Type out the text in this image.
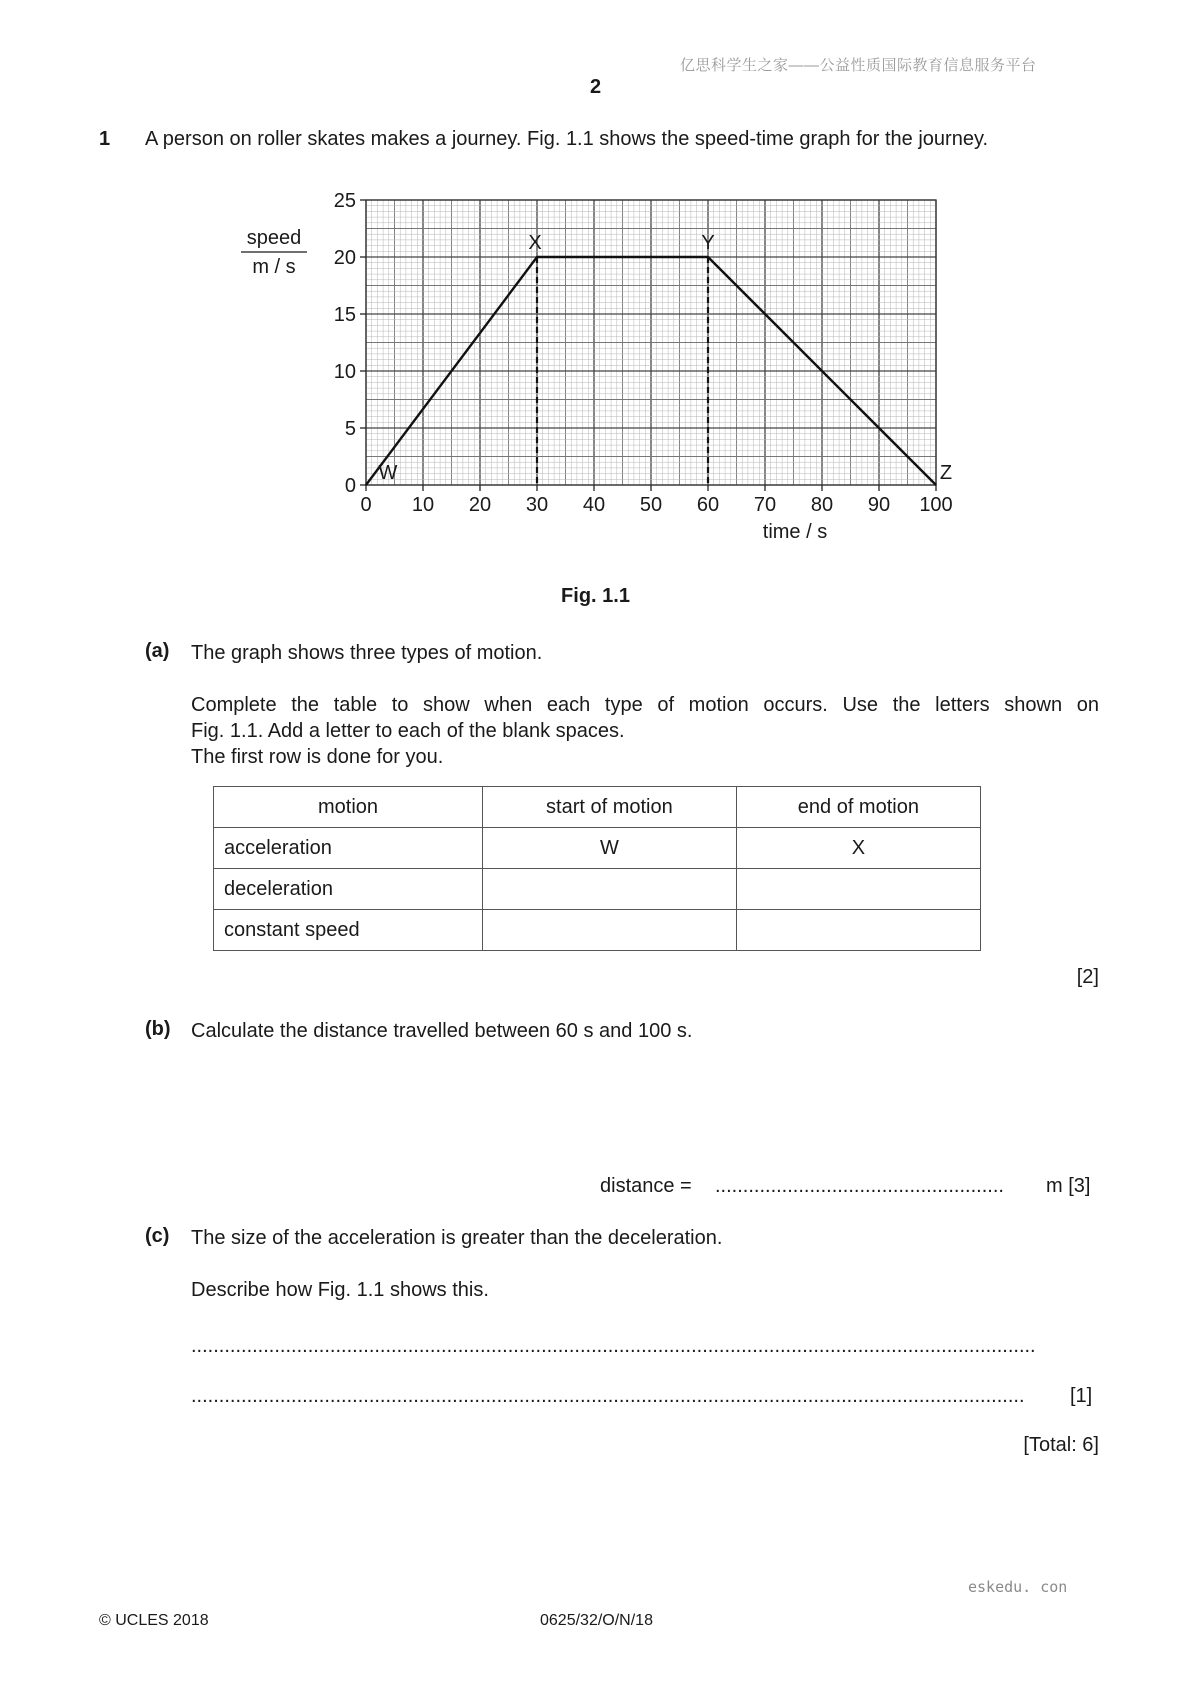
亿思科学生之家——公益性质国际教育信息服务平台
2
1 A person on roller skates makes a journey. Fig. 1.1 shows the speed-time graph for the journey.
speed
m / s
time / s
0 10 20 30 40 50 60 70 80 90 100
0
5
10
15
20
25
W
X	Y
Z
Fig. 1.1
(a) The graph shows three types of motion.
Complete the table to show when each type of motion occurs. Use the letters shown on
Fig. 1.1. Add a letter to each of the blank spaces.
The first row is done for you.
motion	start of motion	end of motion
acceleration	W	X
deceleration		
constant speed		
[2]
(b) Calculate the distance travelled between 60 s and 100 s.
distance = ....................................................	m [3]
(c) The size of the acceleration is greater than the deceleration.
Describe how Fig. 1.1 shows this.
........................................................................................................................................................
......................................................................................................................................................	[1]
[Total: 6]
© UCLES 2018	0625/32/O/N/18
eskedu. con
